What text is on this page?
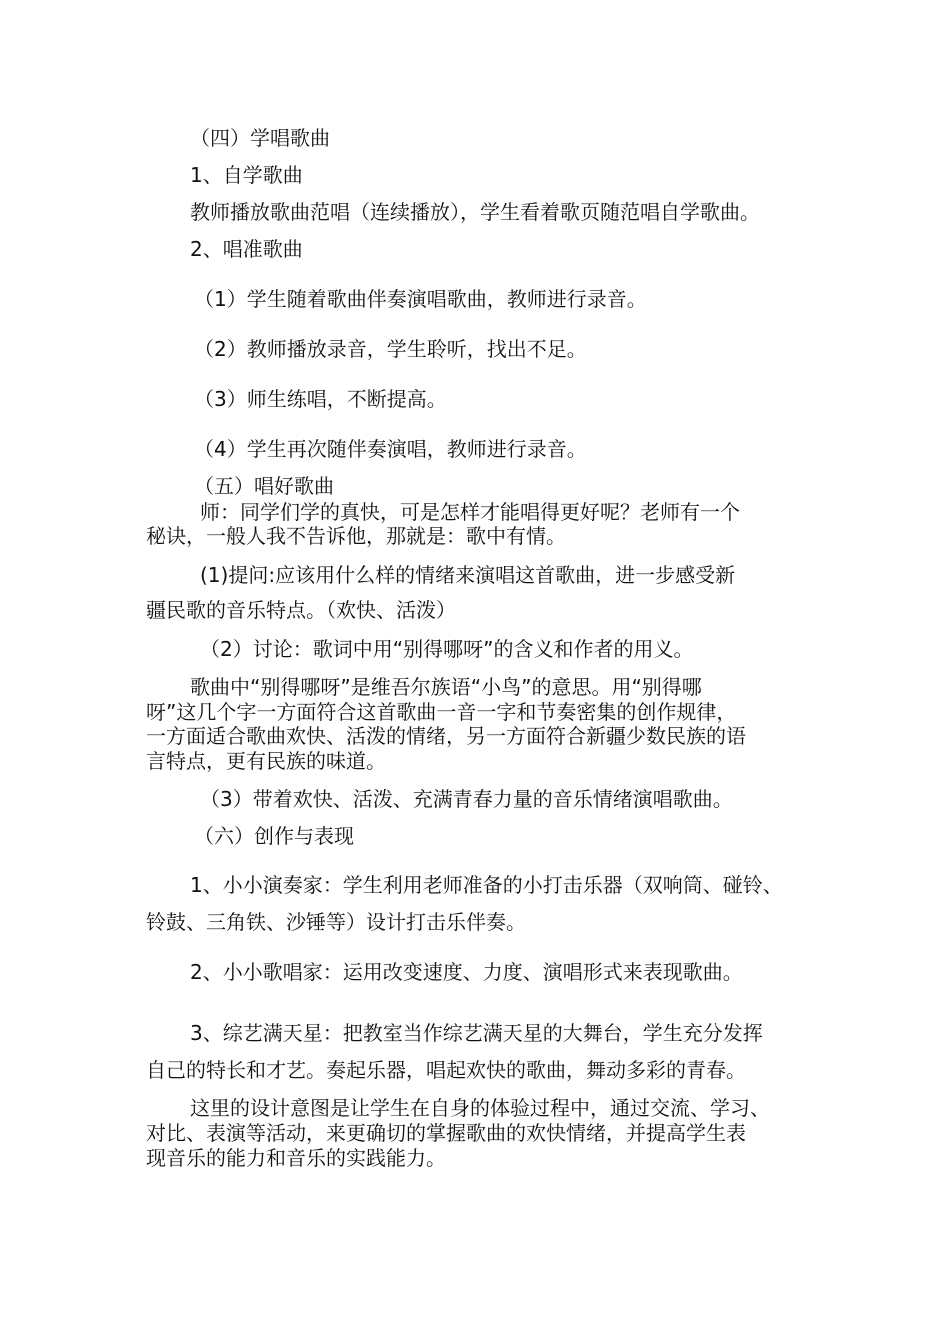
（四）学唱歌曲

1、自学歌曲

教师播放歌曲范唱（连续播放），学生看着歌页随范唱自学歌曲。

2、唱准歌曲

（1）学生随着歌曲伴奏演唱歌曲，教师进行录音。

（2）教师播放录音，学生聆听，找出不足。

（3）师生练唱，不断提高。

（4）学生再次随伴奏演唱，教师进行录音。

（五）唱好歌曲

师：同学们学的真快，可是怎样才能唱得更好呢？老师有一个

秘诀，一般人我不告诉他，那就是：歌中有情。

(1)提问:应该用什么样的情绪来演唱这首歌曲，进一步感受新

疆民歌的音乐特点。（欢快、活泼）

（2）讨论：歌词中用“别得哪呀”的含义和作者的用义。

歌曲中“别得哪呀”是维吾尔族语“小鸟”的意思。用“别得哪

呀”这几个字一方面符合这首歌曲一音一字和节奏密集的创作规律，

一方面适合歌曲欢快、活泼的情绪，另一方面符合新疆少数民族的语

言特点，更有民族的味道。

（3）带着欢快、活泼、充满青春力量的音乐情绪演唱歌曲。

（六）创作与表现

1、小小演奏家：学生利用老师准备的小打击乐器（双响筒、碰铃、

铃鼓、三角铁、沙锤等）设计打击乐伴奏。

2、小小歌唱家：运用改变速度、力度、演唱形式来表现歌曲。

3、综艺满天星：把教室当作综艺满天星的大舞台，学生充分发挥

自己的特长和才艺。奏起乐器，唱起欢快的歌曲，舞动多彩的青春。

这里的设计意图是让学生在自身的体验过程中，通过交流、学习、

对比、表演等活动，来更确切的掌握歌曲的欢快情绪，并提高学生表

现音乐的能力和音乐的实践能力。
